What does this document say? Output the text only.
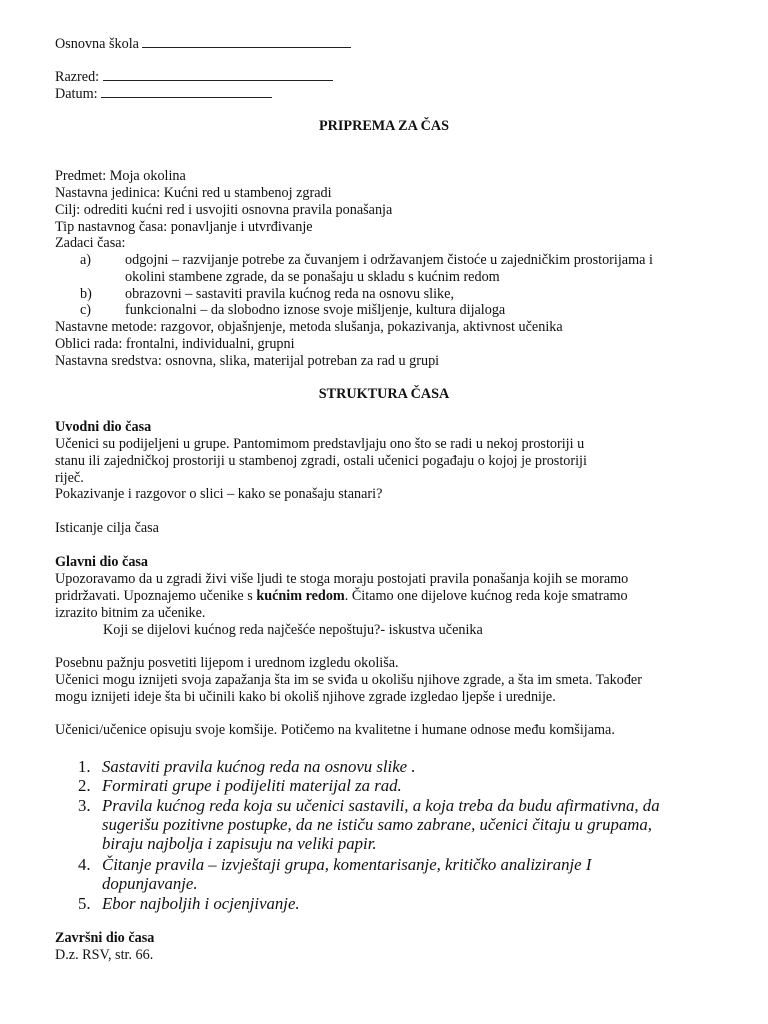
Osnovna škola
Razred:
Datum:
PRIPREMA ZA ČAS
Predmet: Moja okolina
Nastavna jedinica: Kućni red u stambenoj zgradi
Cilj: odrediti kućni red i usvojiti osnovna pravila ponašanja
Tip nastavnog časa: ponavljanje i utvrđivanje
Zadaci časa:
a) odgojni – razvijanje potrebe za čuvanjem i održavanjem čistoće u zajedničkim prostorijama i
okolini stambene zgrade, da se ponašaju u skladu s kućnim redom
b) obrazovni – sastaviti pravila kućnog reda na osnovu slike,
c) funkcionalni – da slobodno iznose svoje mišljenje, kultura dijaloga
Nastavne metode: razgovor, objašnjenje, metoda slušanja, pokazivanja, aktivnost učenika
Oblici rada: frontalni, individualni, grupni
Nastavna sredstva: osnovna, slika, materijal potreban za rad u grupi
STRUKTURA ČASA
Uvodni dio časa
Učenici su podijeljeni u grupe. Pantomimom predstavljaju ono što se radi u nekoj prostoriji u
stanu ili zajedničkoj prostoriji u stambenoj zgradi, ostali učenici pogađaju o kojoj je prostoriji
riječ.
Pokazivanje i razgovor o slici – kako se ponašaju stanari?
Isticanje cilja časa
Glavni dio časa
Upozoravamo da u zgradi živi više ljudi te stoga moraju postojati pravila ponašanja kojih se moramo
pridržavati. Upoznajemo učenike s kućnim redom. Čitamo one dijelove kućnog reda koje smatramo
izrazito bitnim za učenike.
Koji se dijelovi kućnog reda najčešće nepoštuju?- iskustva učenika
Posebnu pažnju posvetiti lijepom i urednom izgledu okoliša.
Učenici mogu iznijeti svoja zapažanja šta im se sviđa u okolišu njihove zgrade, a šta im smeta. Također
mogu iznijeti ideje šta bi učinili kako bi okoliš njihove zgrade izgledao ljepše i urednije.
Učenici/učenice opisuju svoje komšije. Potičemo na kvalitetne i humane odnose među komšijama.
1. Sastaviti pravila kućnog reda na osnovu slike .
2. Formirati grupe i podijeliti materijal za rad.
3. Pravila kućnog reda koja su učenici sastavili, a koja treba da budu afirmativna, da
sugerišu pozitivne postupke, da ne ističu samo zabrane, učenici čitaju u grupama,
biraju najbolja i zapisuju na veliki papir.
4. Čitanje pravila – izvještaji grupa, komentarisanje, kritičko analiziranje I
dopunjavanje.
5. Ebor najboljih i ocjenjivanje.
Završni dio časa
D.z. RSV, str. 66.
